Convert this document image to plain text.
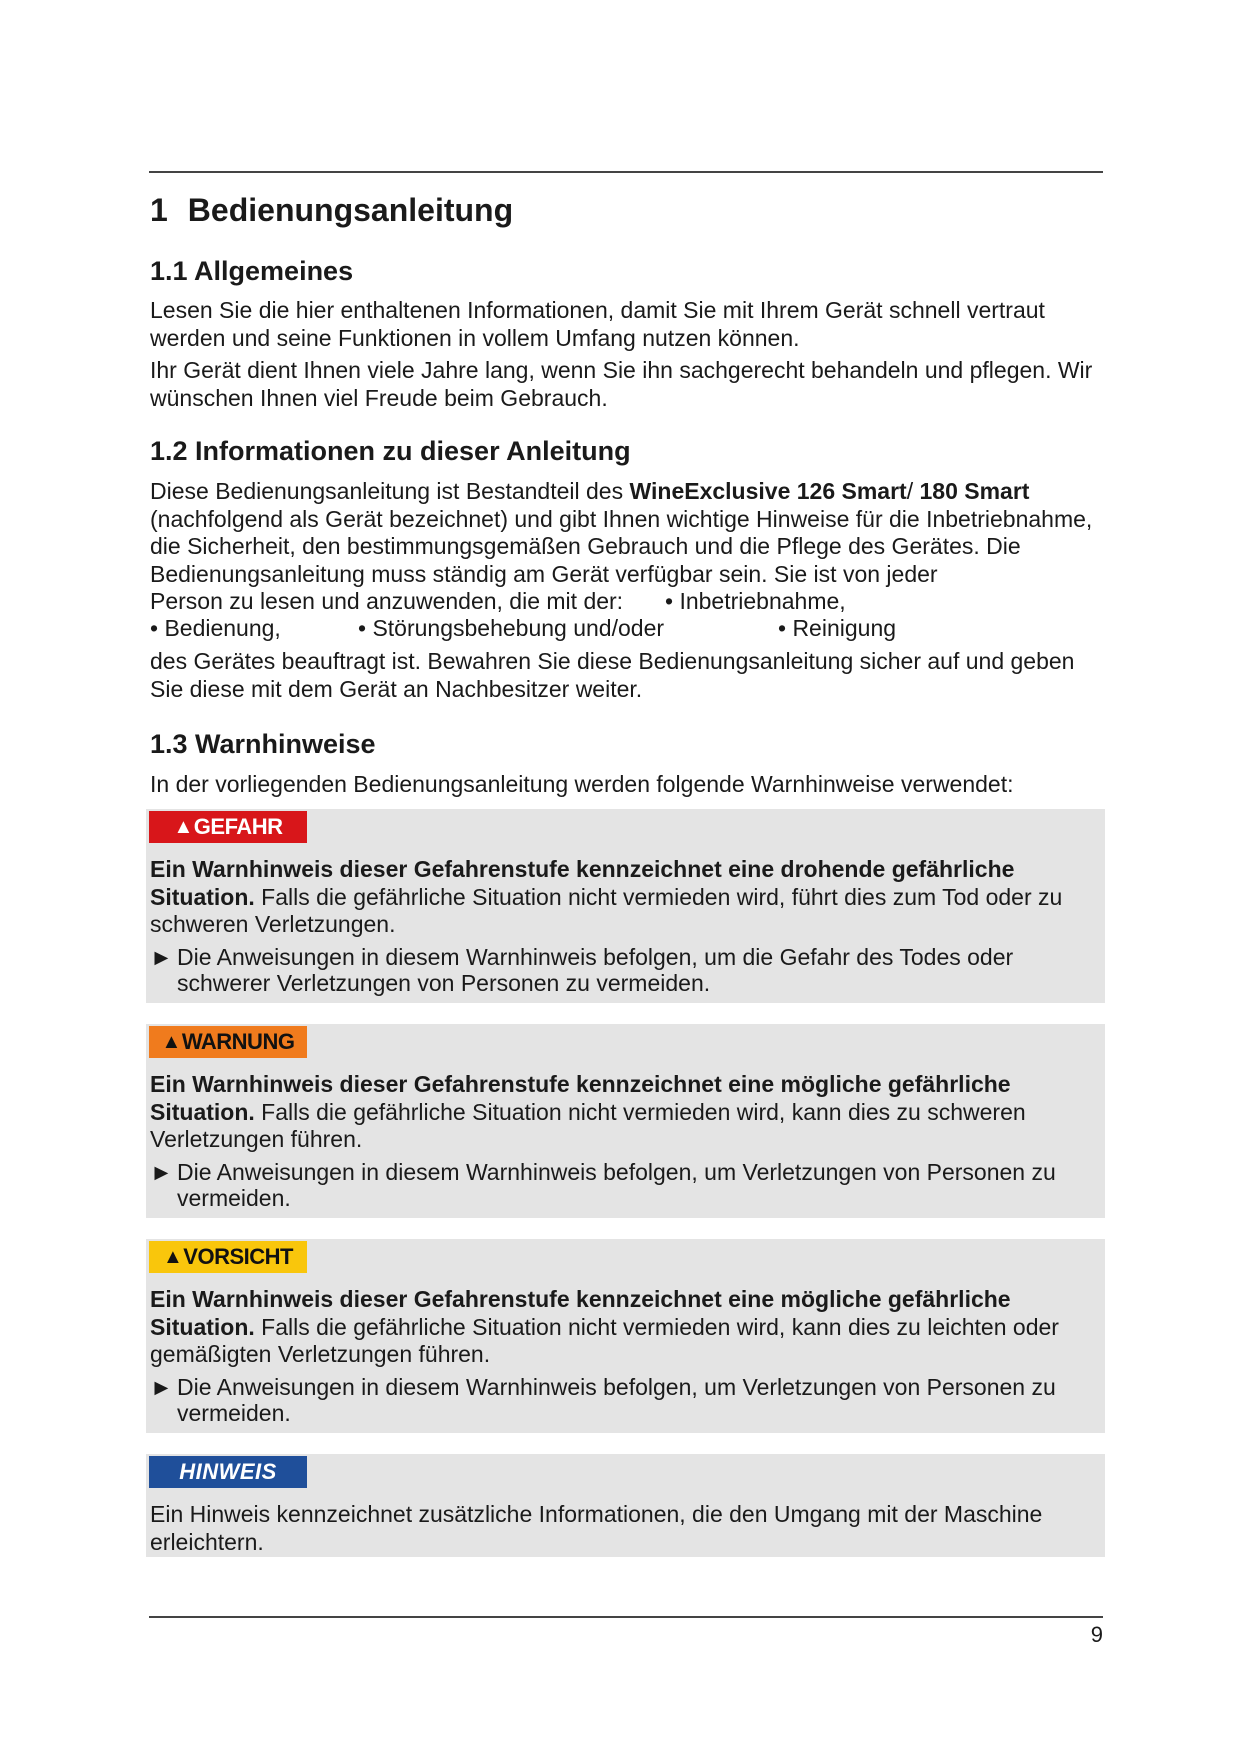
1 Bedienungsanleitung
1.1 Allgemeines

Lesen Sie die hier enthaltenen Informationen, damit Sie mit Ihrem Gerät schnell vertraut werden und seine Funktionen in vollem Umfang nutzen können.

Ihr Gerät dient Ihnen viele Jahre lang, wenn Sie ihn sachgerecht behandeln und pflegen. Wir wünschen Ihnen viel Freude beim Gebrauch.

1.2 Informationen zu dieser Anleitung

Diese Bedienungsanleitung ist Bestandteil des WineExclusive 126 Smart/ 180 Smart (nachfolgend als Gerät bezeichnet) und gibt Ihnen wichtige Hinweise für die Inbetriebnahme, die Sicherheit, den bestimmungsgemäßen Gebrauch und die Pflege des Gerätes. Die Bedienungsanleitung muss ständig am Gerät verfügbar sein. Sie ist von jeder

Person zu lesen und anzuwenden, die mit der: • Inbetriebnahme,
• Bedienung,	• Störungsbehebung und/oder	• Reinigung

des Gerätes beauftragt ist. Bewahren Sie diese Bedienungsanleitung sicher auf und geben Sie diese mit dem Gerät an Nachbesitzer weiter.

1.3 Warnhinweise

In der vorliegenden Bedienungsanleitung werden folgende Warnhinweise verwendet:

▲ GEFAHR

Ein Warnhinweis dieser Gefahrenstufe kennzeichnet eine drohende gefährliche Situation. Falls die gefährliche Situation nicht vermieden wird, führt dies zum Tod oder zu schweren Verletzungen.

► Die Anweisungen in diesem Warnhinweis befolgen, um die Gefahr des Todes oder schwerer Verletzungen von Personen zu vermeiden.
▲ WARNUNG

Ein Warnhinweis dieser Gefahrenstufe kennzeichnet eine mögliche gefährliche Situation. Falls die gefährliche Situation nicht vermieden wird, kann dies zu schweren Verletzungen führen.

► Die Anweisungen in diesem Warnhinweis befolgen, um Verletzungen von Personen zu vermeiden.
▲ VORSICHT

Ein Warnhinweis dieser Gefahrenstufe kennzeichnet eine mögliche gefährliche Situation. Falls die gefährliche Situation nicht vermieden wird, kann dies zu leichten oder gemäßigten Verletzungen führen.

► Die Anweisungen in diesem Warnhinweis befolgen, um Verletzungen von Personen zu vermeiden.
HINWEIS

Ein Hinweis kennzeichnet zusätzliche Informationen, die den Umgang mit der Maschine erleichtern.

9
